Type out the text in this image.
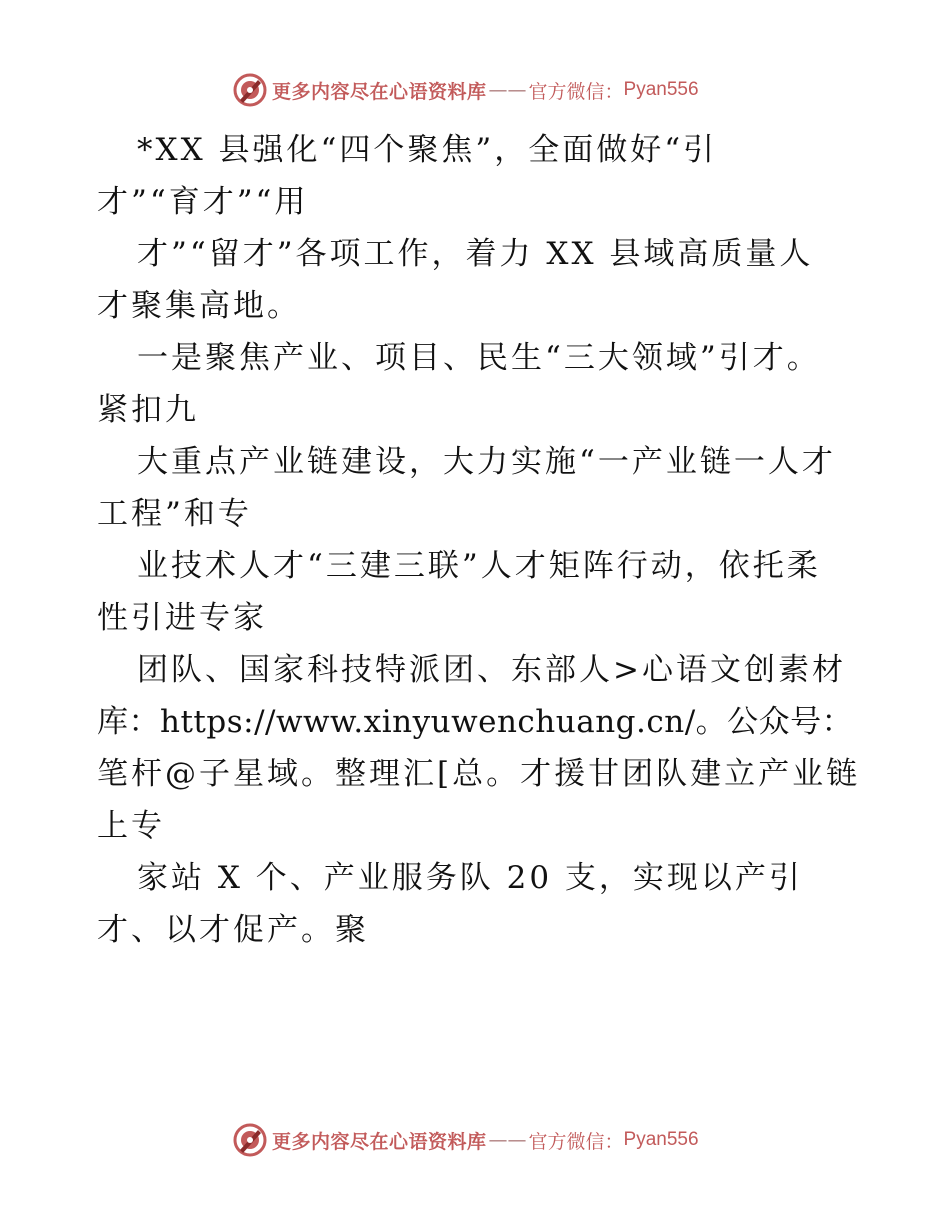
更多内容尽在心语资料库 —— 官方微信： Pyan556
*XX 县强化“四个聚焦”，全面做好“引
才”“育才”“用
才”“留才”各项工作，着力 XX 县域高质量人
才聚集高地。
一是聚焦产业、项目、民生“三大领域”引才。
紧扣九
大重点产业链建设，大力实施“一产业链一人才
工程”和专
业技术人才“三建三联”人才矩阵行动，依托柔
性引进专家
团队、国家科技特派团、东部人>心语文创素材
库：https://www.xinyuwenchuang.cn/。公众号：
笔杆@子星域。整理汇[总。才援甘团队建立产业链
上专
家站 X 个、产业服务队 20 支，实现以产引
才、以才促产。聚
更多内容尽在心语资料库 —— 官方微信： Pyan556
